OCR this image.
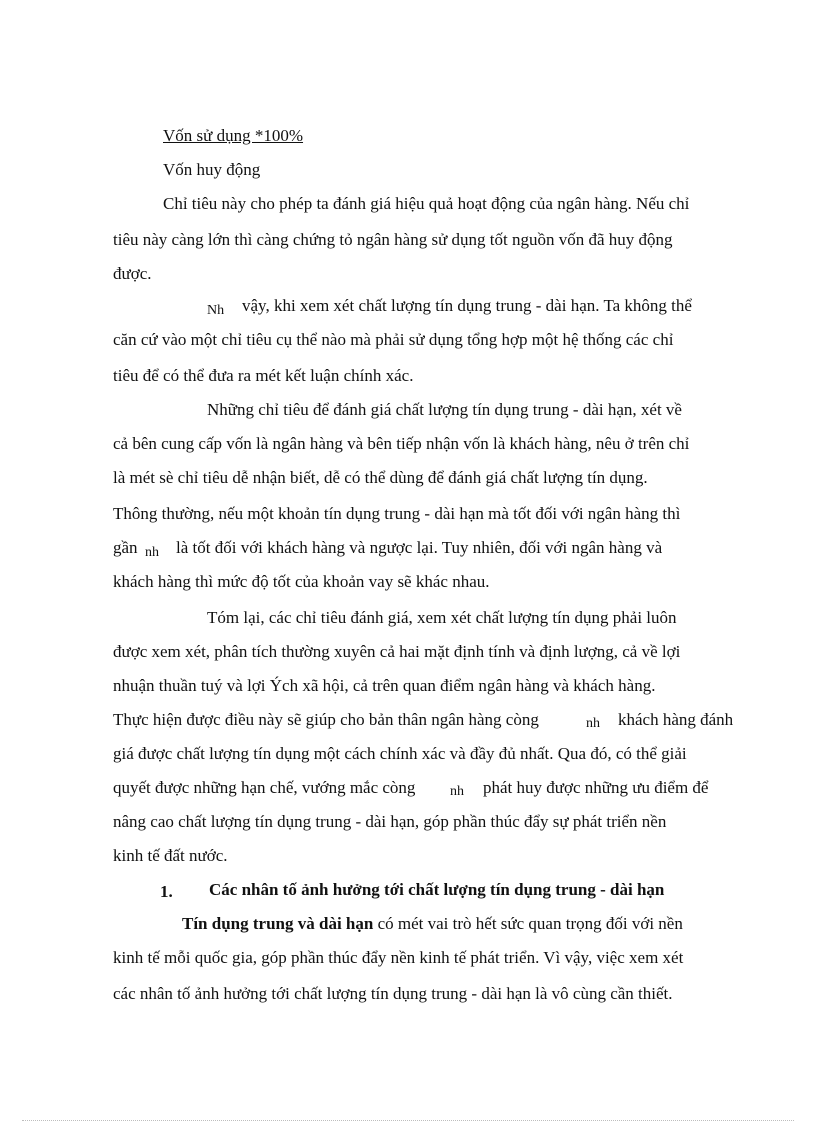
Vốn sử dụng *100%
Vốn huy động
Chỉ tiêu này cho phép ta đánh giá hiệu quả hoạt động của ngân hàng. Nếu chỉ
tiêu này càng lớn thì càng chứng tỏ ngân hàng sử dụng tốt nguồn vốn đã huy động
được.
Nh vậy, khi xem xét chất lượng tín dụng trung - dài hạn. Ta không thể
căn cứ vào một chỉ tiêu cụ thể nào mà phải sử dụng tổng hợp một hệ thống các chỉ
tiêu để có thể đưa ra mét kết luận chính xác.
Những chỉ tiêu để đánh giá chất lượng tín dụng trung - dài hạn, xét về
cả bên cung cấp vốn là ngân hàng và bên tiếp nhận vốn là khách hàng, nêu ở trên chỉ
là mét sè chỉ tiêu dễ nhận biết, dễ có thể dùng để đánh giá chất lượng tín dụng.
Thông thường, nếu một khoản tín dụng trung - dài hạn mà tốt đối với ngân hàng thì
gần nh là tốt đối với khách hàng và ngược lại. Tuy nhiên, đối với ngân hàng và
khách hàng thì mức độ tốt của khoản vay sẽ khác nhau.
Tóm lại, các chỉ tiêu đánh giá, xem xét chất lượng tín dụng phải luôn
được xem xét, phân tích thường xuyên cả hai mặt định tính và định lượng, cả về lợi
nhuận thuần tuý và lợi Ých xã hội, cả trên quan điểm ngân hàng và khách hàng.
Thực hiện được điều này sẽ giúp cho bản thân ngân hàng còng	nh khách hàng đánh
giá được chất lượng tín dụng một cách chính xác và đầy đủ nhất. Qua đó, có thể giải
quyết được những hạn chế, vướng mắc còng nh phát huy được những ưu điểm để
nâng cao chất lượng tín dụng trung - dài hạn, góp phần thúc đẩy sự phát triển nền
kinh tế đất nước.
1. Các nhân tố ảnh hưởng tới chất lượng tín dụng trung - dài hạn
Tín dụng trung và dài hạn có mét vai trò hết sức quan trọng đối với nền
kinh tế mỗi quốc gia, góp phần thúc đẩy nền kinh tế phát triển. Vì vậy, việc xem xét
các nhân tố ảnh hưởng tới chất lượng tín dụng trung - dài hạn là vô cùng cần thiết.
